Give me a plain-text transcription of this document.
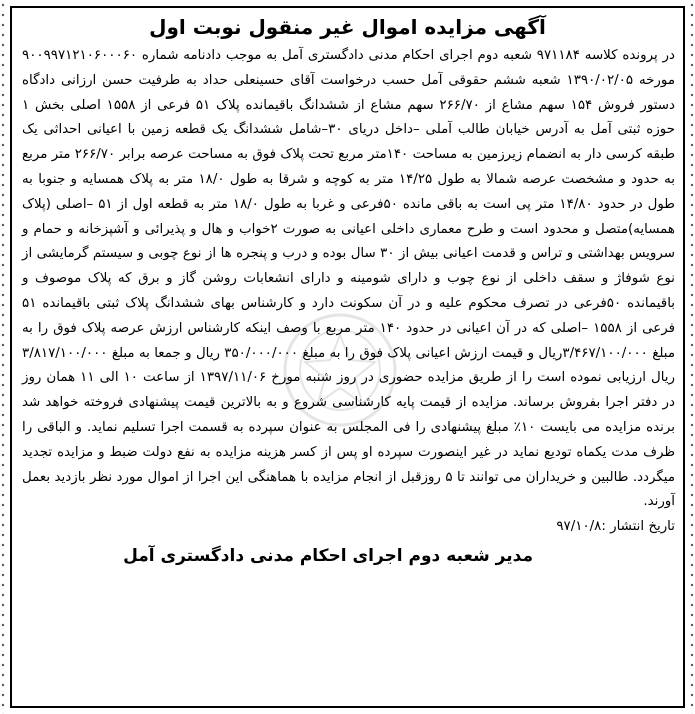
آگهی مزایده اموال غیر منقول نوبت اول

در پرونده کلاسه ۹۷۱۱۸۴ شعبه دوم اجرای احکام مدنی دادگستری آمل به موجب دادنامه شماره ۹۰۰۹۹۷۱۲۱۰۶۰۰۰۶۰ مورخه ۱۳۹۰/۰۲/۰۵ شعبه ششم حقوقی آمل حسب درخواست آقای حسینعلی حداد به طرفیت حسن ارزانی دادگاه دستور فروش ۱۵۴ سهم مشاع از ۲۶۶/۷۰ سهم مشاع از ششدانگ باقیمانده پلاک ۵۱ فرعی از ۱۵۵۸ اصلی بخش ۱ حوزه ثبتی آمل به آدرس خیابان طالب آملی –داخل دریای ۳۰–شامل ششدانگ یک قطعه زمین با اعیانی احداثی یک طبقه کرسی دار به انضمام زیرزمین به مساحت ۱۴۰متر مربع تحت پلاک فوق به مساحت عرصه برابر ۲۶۶/۷۰ متر مربع به حدود و مشخصت عرصه شمالا به طول ۱۴/۲۵ متر به کوچه و شرقا به طول ۱۸/۰ متر به پلاک همسایه و جنوبا به طول در حدود ۱۴/۸۰ متر پی است به باقی مانده ۵۰فرعی و غربا به طول ۱۸/۰ متر به قطعه اول از ۵۱ –اصلی (پلاک همسایه)متصل و محدود است و طرح معماری داخلی اعیانی به صورت ۲خواب و هال و پذیرائی و آشپزخانه و حمام و سرویس بهداشتی و تراس و قدمت اعیانی بیش از ۳۰ سال بوده و درب و پنجره ها از نوع چوبی و سیستم گرمایشی از نوع شوفاژ و سقف داخلی از نوع چوب و دارای شومینه و دارای انشعابات روشن گاز و برق که پلاک موصوف و باقیمانده ۵۰فرعی در تصرف محکوم علیه و در آن سکونت دارد و کارشناس بهای ششدانگ پلاک ثبتی باقیمانده ۵۱ فرعی از ۱۵۵۸ –اصلی که در آن اعیانی در حدود ۱۴۰ متر مربع با وصف اینکه کارشناس ارزش عرصه پلاک فوق را به مبلغ ۳/۴۶۷/۱۰۰/۰۰۰ریال و قیمت ارزش اعیانی پلاک فوق را به مبلغ ۳۵۰/۰۰۰/۰۰۰ ریال و جمعا به مبلغ ۳/۸۱۷/۱۰۰/۰۰۰ ریال ارزیابی نموده است را از طریق مزایده حضوری در روز شنبه مورخ ۱۳۹۷/۱۱/۰۶ از ساعت ۱۰ الی ۱۱ همان روز در دفتر اجرا بفروش برساند. مزایده از قیمت پایه کارشناسی شروع و به بالاترین قیمت پیشنهادی فروخته خواهد شد برنده مزایده می بایست ۱۰٪ مبلغ پیشنهادی را فی المجلس به عنوان سپرده به قسمت اجرا تسلیم نماید. و الباقی را ظرف مدت یکماه تودیع نماید در غیر اینصورت سپرده او پس از کسر هزینه مزایده به نفع دولت ضبط و مزایده تجدید میگردد. طالبین و خریداران می توانند تا ۵ روزقبل از انجام مزایده با هماهنگی این اجرا از اموال مورد نظر بازدید بعمل آورند.

تاریخ انتشار :۹۷/۱۰/۸

مدیر شعبه دوم اجرای احکام مدنی دادگستری آمل
